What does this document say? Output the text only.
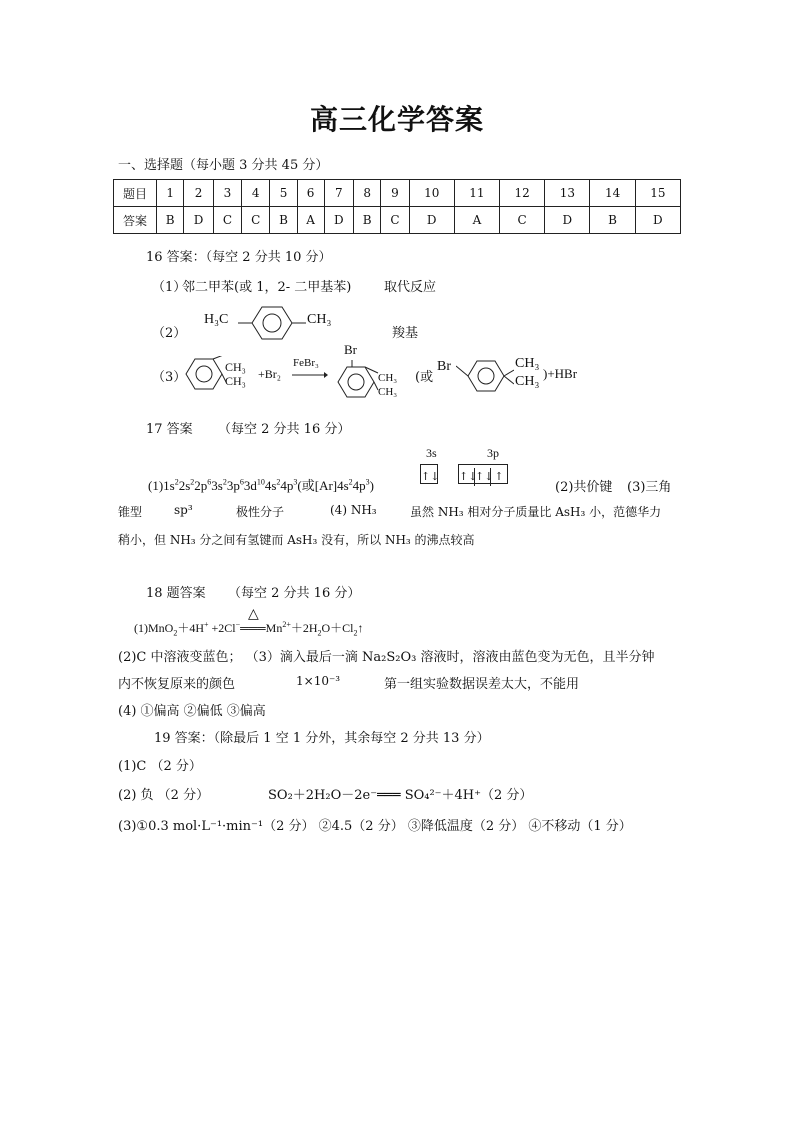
高三化学答案
一、选择题（每小题 3 分共 45 分）
题目	1	2	3	4	5	6	7	8	9	10	11	12	13	14	15
答案	B	D	C	C	B	A	D	B	C	D	A	C	D	B	D
16 答案：（每空 2 分共 10 分）
（1）
邻二甲苯(或 1，2- 二甲基苯)	取代反应
（2）
H₃C	CH₃
羧基
（3）
CH₃
CH₃ +Br₂
FeBr₃
Br
CH₃
CH₃
(或
Br	CH₃
CH₃
)+HBr
17 答案 （每空 2 分共 16 分）
3s	3p
↑↓ ↑↓↑↓↑
$(1)1s^22s^22p^63s^23p^63d^{10}4s^24p^3$(或$[Ar]4s^24p^3$)	(2)共价键 (3)三角
锥型	sp³	极性分子	(4) NH₃	虽然 NH₃ 相对分子质量比 AsH₃ 小，范德华力
稍小，但 NH₃ 分之间有氢键而 AsH₃ 没有，所以 NH₃ 的沸点较高
18 题答案 （每空 2 分共 16 分）
△
$(1)MnO_2+4H^+ +2Cl^-═══Mn^{2+}+2H_2O+Cl_2↑$
(2)C 中溶液变蓝色； （3）滴入最后一滴 Na₂S₂O₃ 溶液时，溶液由蓝色变为无色，且半分钟
内不恢复原来的颜色	1×10⁻³	第一组实验数据误差太大，不能用
(4) ①偏高 ②偏低 ③偏高
19 答案：（除最后 1 空 1 分外，其余每空 2 分共 13 分）
(1)C （2 分）
(2) 负 （2 分）	SO₂＋2H₂O－2e⁻═══ SO₄²⁻＋4H⁺（2 分）
(3)①0.3 mol·L⁻¹·min⁻¹（2 分） ②4.5（2 分） ③降低温度（2 分） ④不移动（1 分）
